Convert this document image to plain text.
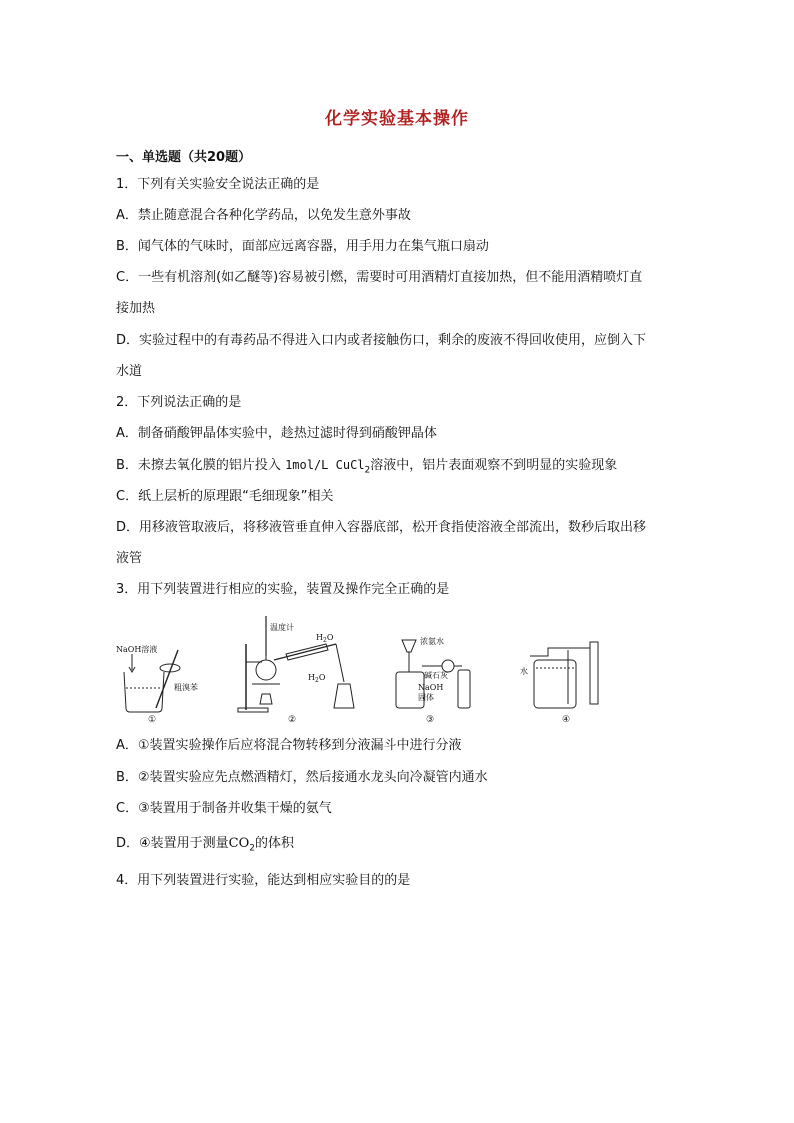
化学实验基本操作
一、单选题（共20题）
1．下列有关实验安全说法正确的是
A．禁止随意混合各种化学药品，以免发生意外事故
B．闻气体的气味时，面部应远离容器，用手用力在集气瓶口扇动
C．一些有机溶剂(如乙醚等)容易被引燃，需要时可用酒精灯直接加热，但不能用酒精喷灯直
接加热
D．实验过程中的有毒药品不得进入口内或者接触伤口，剩余的废液不得回收使用，应倒入下
水道
2．下列说法正确的是
A．制备硝酸钾晶体实验中，趁热过滤时得到硝酸钾晶体
B．未擦去氧化膜的铝片投入 1mol/L CuCl$_2$溶液中，铝片表面观察不到明显的实验现象
C．纸上层析的原理跟“毛细现象”相关
D．用移液管取液后，将移液管垂直伸入容器底部，松开食指使溶液全部流出，数秒后取出移
液管
3．用下列装置进行相应的实验，装置及操作完全正确的是
NaOH溶液
粗溴苯
①
温度计
$H_2O$
$H_2O$
②
浓氨水
碱石灰
NaOH
固体
③
水
④
A．①装置实验操作后应将混合物转移到分液漏斗中进行分液
B．②装置实验应先点燃酒精灯，然后接通水龙头向冷凝管内通水
C．③装置用于制备并收集干燥的氨气
D．④装置用于测量$CO_2$的体积
4．用下列装置进行实验，能达到相应实验目的的是
